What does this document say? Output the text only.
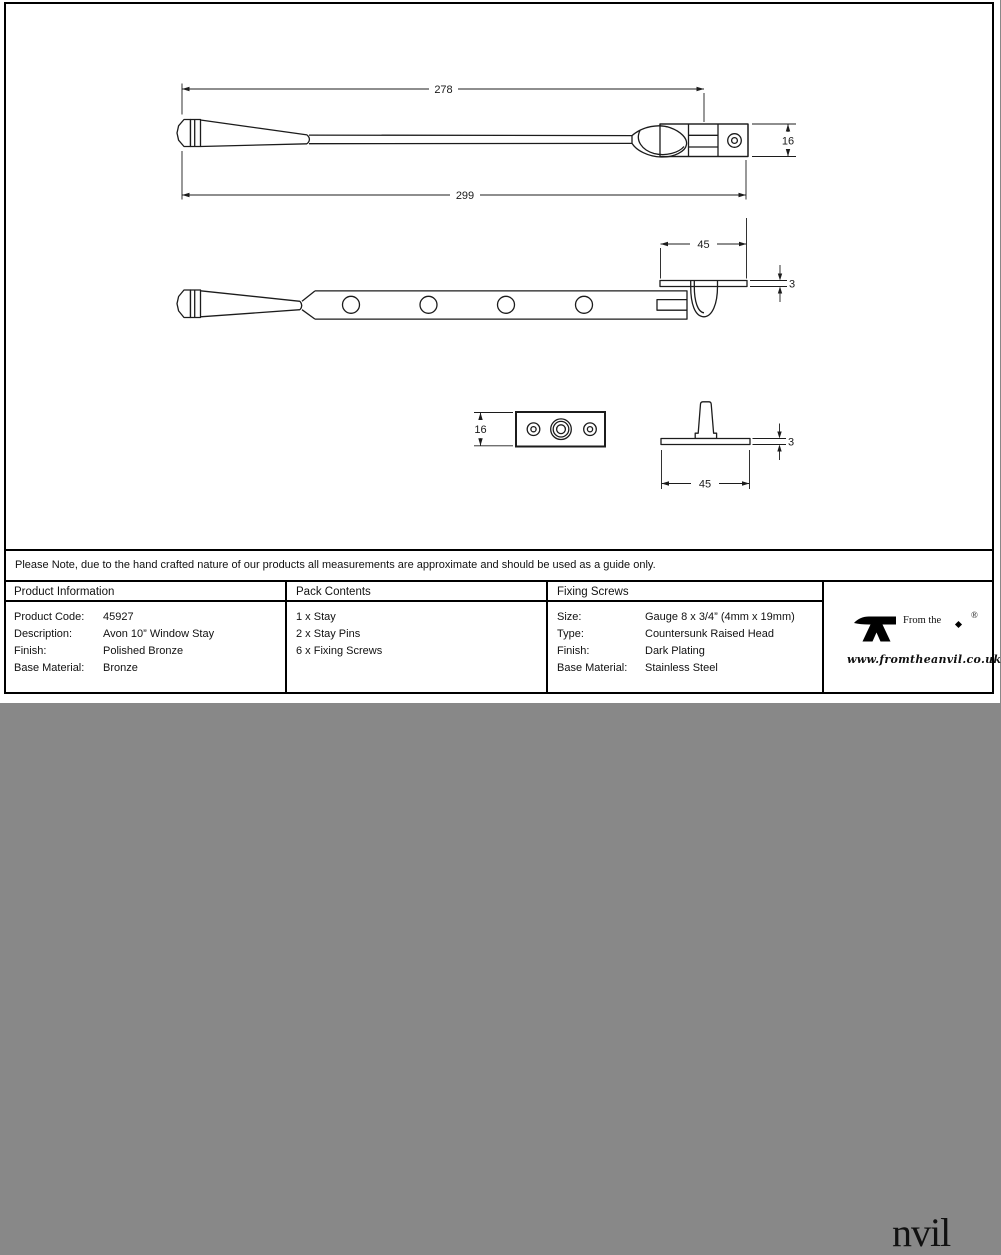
278
299
16
45
3
16
3
45
Please Note, due to the hand crafted nature of our products all measurements are approximate and should be used as a guide only.
Product Information	Pack Contents	Fixing Screws
Product Code:	45927
Description:	Avon 10” Window Stay
Finish:	Polished Bronze
Base Material:	Bronze
1 x Stay
2 x Stay Pins
6 x Fixing Screws
Size:	Gauge 8 x 3/4” (4mm x 19mm)
Type:	Countersunk Raised Head
Finish:	Dark Plating
Base Material:	Stainless Steel
From the
nvil
®
www.fromtheanvil.co.uk
